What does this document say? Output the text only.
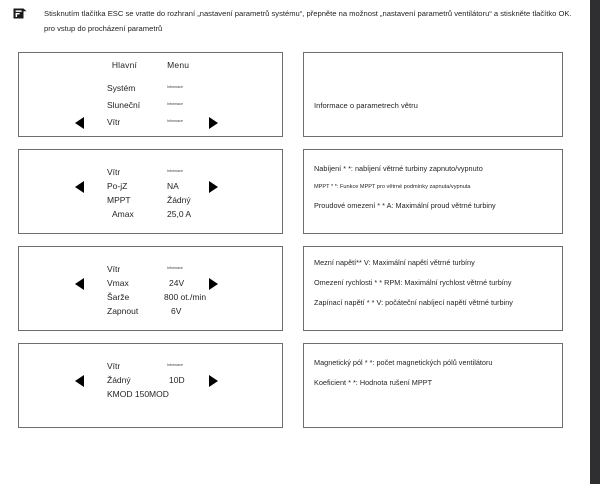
Stisknutím tlačítka ESC se vratte do rozhraní „nastavení parametrů systému“, přepněte na možnost „nastavení parametrů ventilátoru“ a stiskněte tlačítko OK.
pro vstup do procházení parametrů
Hlavní	Menu
Systém	Informace
Sluneční	Informace
Vítr	Informace
Informace o parametrech větru
Vítr	Informace
Po-jZ	NA
MPPT	Žádný
Amax	25,0 A
Nabíjení * *: nabíjení větrné turbiny zapnuto/vypnuto
MPPT * *: Funkce MPPT pro větrné podmínky zapnuta/vypnuta
Proudové omezení * * A: Maximální proud větrné turbiny
Vítr	Informace
Vmax	24V
Šarže	800 ot./min
Zapnout	6V
Mezní napětí** V: Maximální napětí větrné turbíny
Omezení rychlosti * * RPM: Maximální rychlost větrné turbíny
Zapínací napětí * * V: počáteční nabíjecí napětí větrné turbiny
Vítr	Informace
Žádný	10D
KMOD 150MOD
Magnetický pól * *: počet magnetických pólů ventilátoru
Koeficient * *: Hodnota rušení MPPT
